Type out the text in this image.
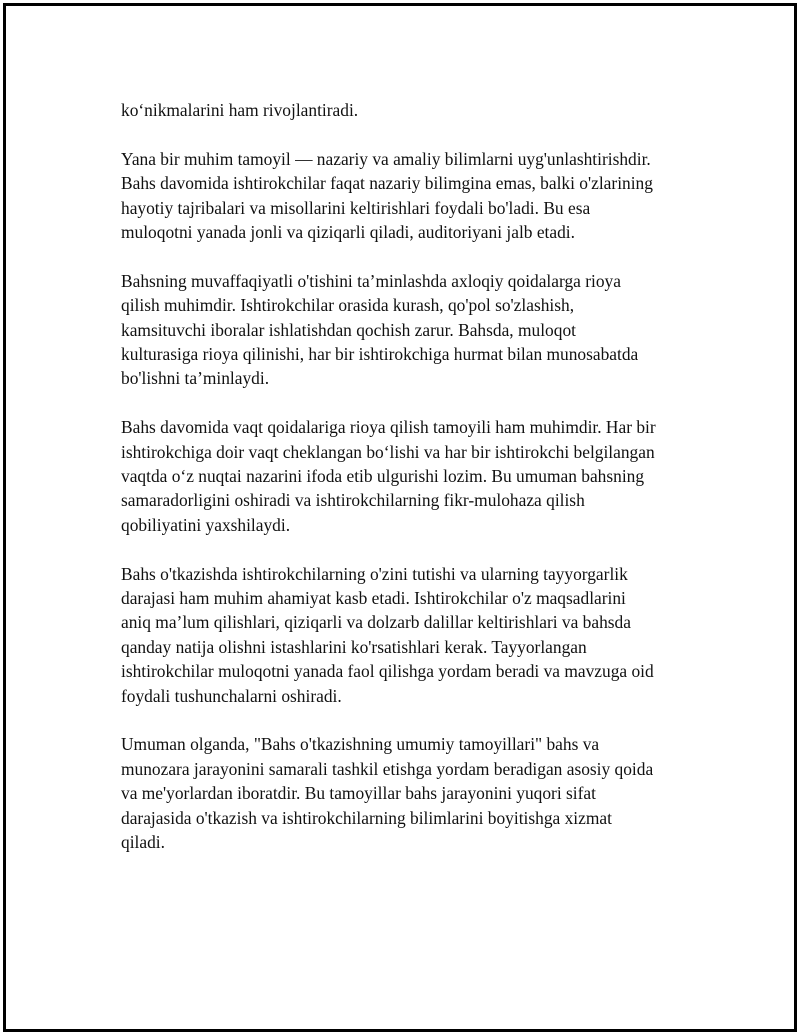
koʻnikmalarini ham rivojlantiradi.

Yana bir muhim tamoyil — nazariy va amaliy bilimlarni uyg'unlashtirishdir.
Bahs davomida ishtirokchilar faqat nazariy bilimgina emas, balki o'zlarining
hayotiy tajribalari va misollarini keltirishlari foydali bo'ladi. Bu esa
muloqotni yanada jonli va qiziqarli qiladi, auditoriyani jalb etadi.

Bahsning muvaffaqiyatli o'tishini ta’minlashda axloqiy qoidalarga rioya
qilish muhimdir. Ishtirokchilar orasida kurash, qo'pol so'zlashish,
kamsituvchi iboralar ishlatishdan qochish zarur. Bahsda, muloqot
kulturasiga rioya qilinishi, har bir ishtirokchiga hurmat bilan munosabatda
bo'lishni ta’minlaydi.

Bahs davomida vaqt qoidalariga rioya qilish tamoyili ham muhimdir. Har bir
ishtirokchiga doir vaqt cheklangan boʻlishi va har bir ishtirokchi belgilangan
vaqtda oʻz nuqtai nazarini ifoda etib ulgurishi lozim. Bu umuman bahsning
samaradorligini oshiradi va ishtirokchilarning fikr-mulohaza qilish
qobiliyatini yaxshilaydi.

Bahs o'tkazishda ishtirokchilarning o'zini tutishi va ularning tayyorgarlik
darajasi ham muhim ahamiyat kasb etadi. Ishtirokchilar o'z maqsadlarini
aniq ma’lum qilishlari, qiziqarli va dolzarb dalillar keltirishlari va bahsda
qanday natija olishni istashlarini ko'rsatishlari kerak. Tayyorlangan
ishtirokchilar muloqotni yanada faol qilishga yordam beradi va mavzuga oid
foydali tushunchalarni oshiradi.

Umuman olganda, "Bahs o'tkazishning umumiy tamoyillari" bahs va
munozara jarayonini samarali tashkil etishga yordam beradigan asosiy qoida
va me'yorlardan iboratdir. Bu tamoyillar bahs jarayonini yuqori sifat
darajasida o'tkazish va ishtirokchilarning bilimlarini boyitishga xizmat
qiladi.
